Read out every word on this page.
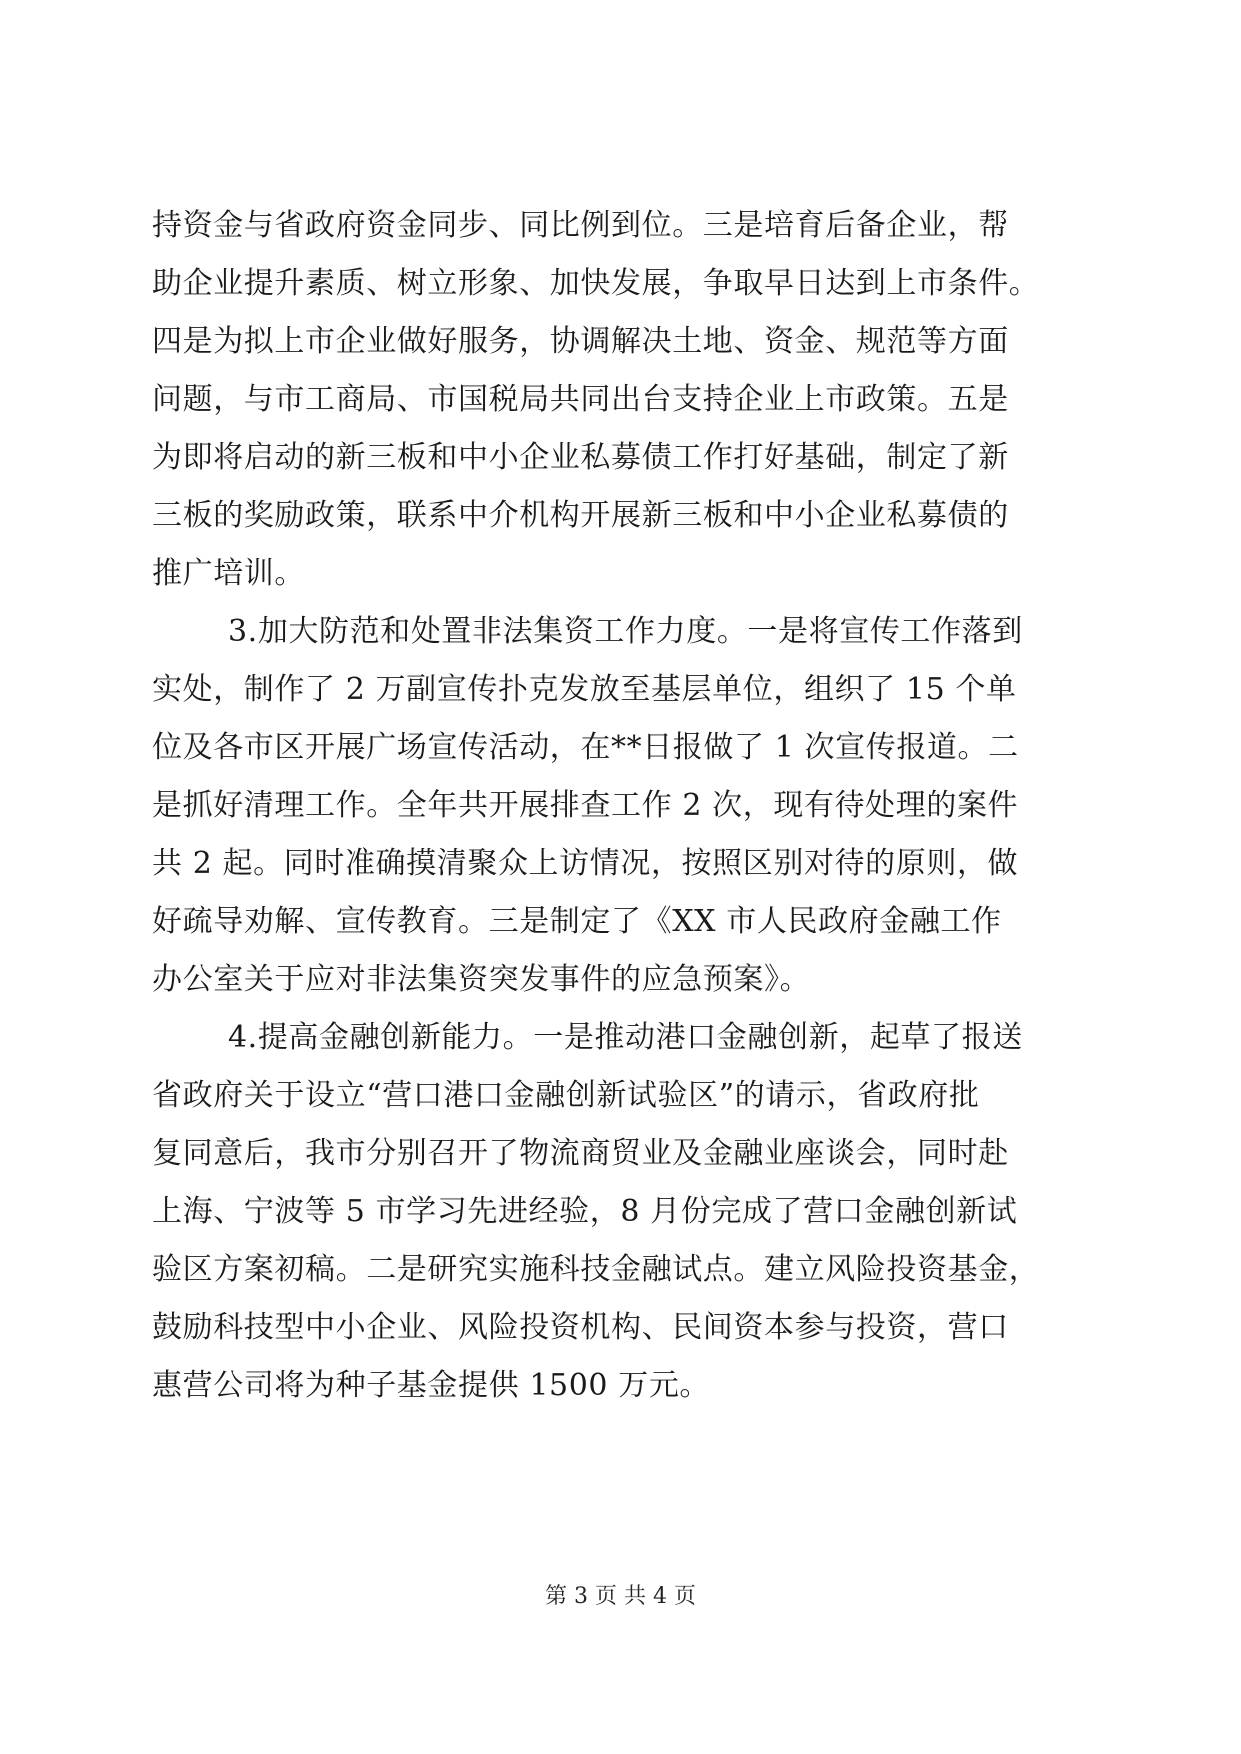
持资金与省政府资金同步、同比例到位。三是培育后备企业，帮
助企业提升素质、树立形象、加快发展，争取早日达到上市条件。
四是为拟上市企业做好服务，协调解决土地、资金、规范等方面
问题，与市工商局、市国税局共同出台支持企业上市政策。五是
为即将启动的新三板和中小企业私募债工作打好基础，制定了新
三板的奖励政策，联系中介机构开展新三板和中小企业私募债的
推广培训。
3.加大防范和处置非法集资工作力度。一是将宣传工作落到
实处，制作了 2 万副宣传扑克发放至基层单位，组织了 15 个单
位及各市区开展广场宣传活动，在**日报做了 1 次宣传报道。二
是抓好清理工作。全年共开展排查工作 2 次，现有待处理的案件
共 2 起。同时准确摸清聚众上访情况，按照区别对待的原则，做
好疏导劝解、宣传教育。三是制定了《XX 市人民政府金融工作
办公室关于应对非法集资突发事件的应急预案》。
4.提高金融创新能力。一是推动港口金融创新，起草了报送
省政府关于设立“营口港口金融创新试验区”的请示，省政府批
复同意后，我市分别召开了物流商贸业及金融业座谈会，同时赴
上海、宁波等 5 市学习先进经验，8 月份完成了营口金融创新试
验区方案初稿。二是研究实施科技金融试点。建立风险投资基金，
鼓励科技型中小企业、风险投资机构、民间资本参与投资，营口
惠营公司将为种子基金提供 1500 万元。
第 3 页 共 4 页
